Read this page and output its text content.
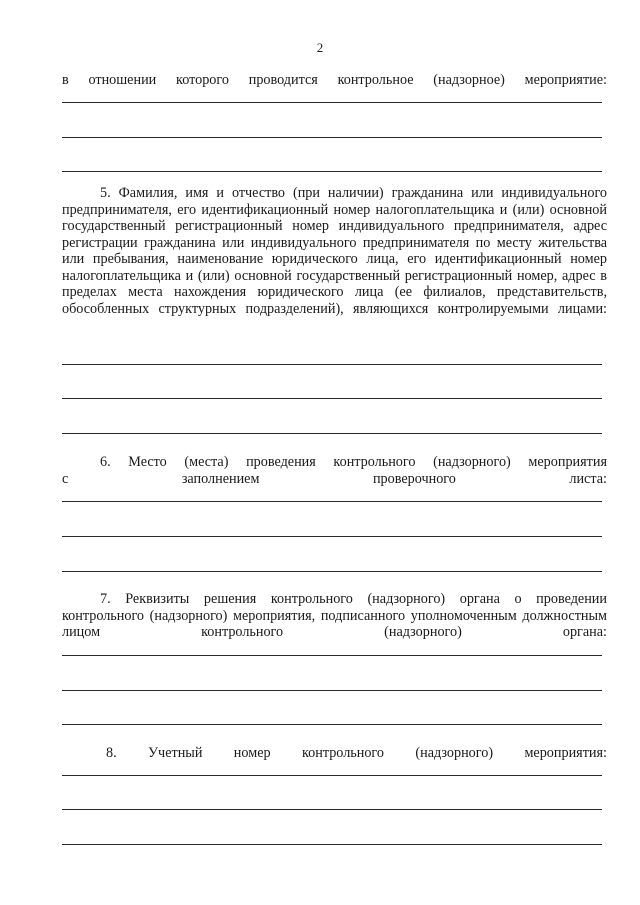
2
в отношении которого проводится контрольное (надзорное) мероприятие:
5. Фамилия, имя и отчество (при наличии) гражданина или индивидуального предпринимателя, его идентификационный номер налогоплательщика и (или) основной государственный регистрационный номер индивидуального предпринимателя, адрес регистрации гражданина или индивидуального предпринимателя по месту жительства или пребывания, наименование юридического лица, его идентификационный номер налогоплательщика и (или) основной государственный регистрационный номер, адрес в пределах места нахождения юридического лица (ее филиалов, представительств, обособленных структурных подразделений), являющихся контролируемыми лицами:
6. Место (места) проведения контрольного (надзорного) мероприятия
с	заполнением	проверочного	листа:
7. Реквизиты решения контрольного (надзорного) органа о проведении контрольного (надзорного) мероприятия, подписанного уполномоченным должностным лицом контрольного (надзорного) органа:
8. Учетный номер контрольного (надзорного) мероприятия:
